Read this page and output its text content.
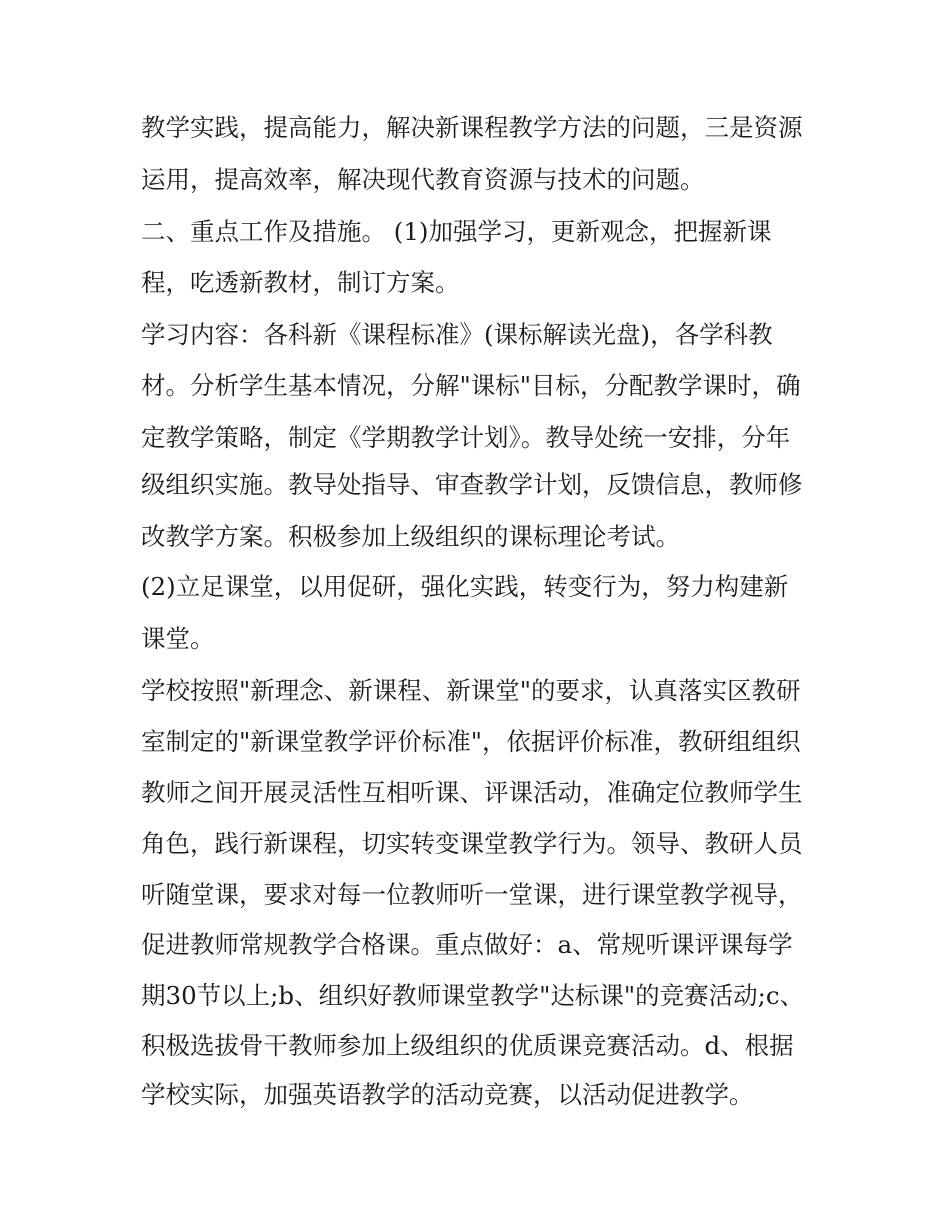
教学实践，提高能力，解决新课程教学方法的问题，三是资源
运用，提高效率，解决现代教育资源与技术的问题。
二、重点工作及措施。 (1)加强学习，更新观念，把握新课
程，吃透新教材，制订方案。
学习内容：各科新《课程标准》(课标解读光盘)，各学科教
材。分析学生基本情况，分解"课标"目标，分配教学课时，确
定教学策略，制定《学期教学计划》。教导处统一安排，分年
级组织实施。教导处指导、审查教学计划，反馈信息，教师修
改教学方案。积极参加上级组织的课标理论考试。
(2)立足课堂，以用促研，强化实践，转变行为，努力构建新
课堂。
学校按照"新理念、新课程、新课堂"的要求，认真落实区教研
室制定的"新课堂教学评价标准"，依据评价标准，教研组组织
教师之间开展灵活性互相听课、评课活动，准确定位教师学生
角色，践行新课程，切实转变课堂教学行为。领导、教研人员
听随堂课，要求对每一位教师听一堂课，进行课堂教学视导，
促进教师常规教学合格课。重点做好：a、常规听课评课每学
期30节以上;b、组织好教师课堂教学"达标课"的竞赛活动;c、
积极选拔骨干教师参加上级组织的优质课竞赛活动。d、根据
学校实际，加强英语教学的活动竞赛，以活动促进教学。
